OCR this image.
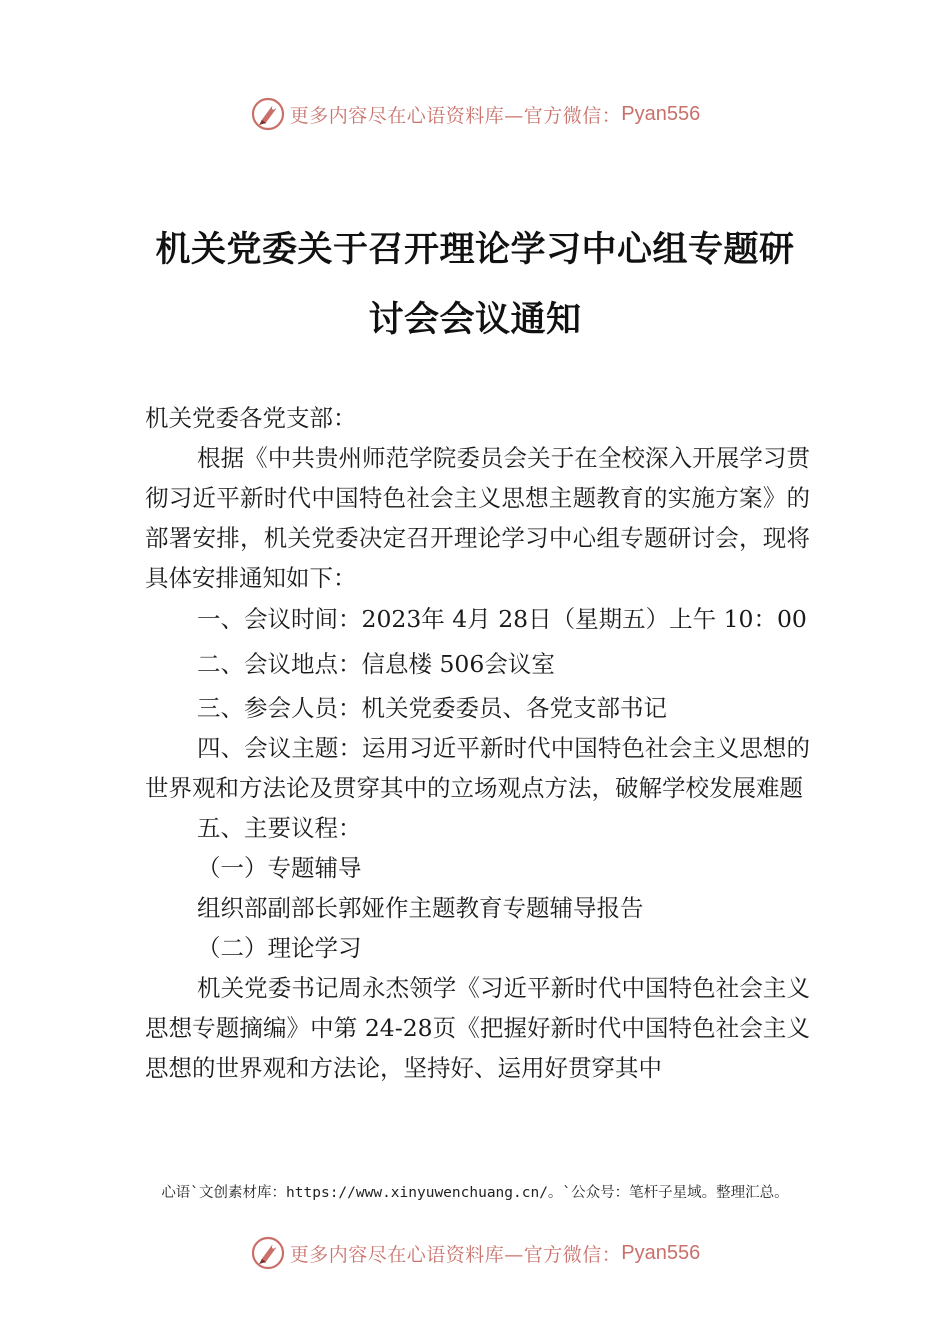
更多内容尽在心语资料库—官方微信： Pyan556
机关党委关于召开理论学习中心组专题研
讨会会议通知

机关党委各党支部：

根据《中共贵州师范学院委员会关于在全校深入开展学习贯彻习近平新时代中国特色社会主义思想主题教育的实施方案》的部署安排，机关党委决定召开理论学习中心组专题研讨会，现将具体安排通知如下：

一、会议时间：2023年 4月 28日（星期五）上午 10：00

二、会议地点：信息楼 506会议室

三、参会人员：机关党委委员、各党支部书记

四、会议主题：运用习近平新时代中国特色社会主义思想的世界观和方法论及贯穿其中的立场观点方法，破解学校发展难题

五、主要议程：

（一）专题辅导

组织部副部长郭娅作主题教育专题辅导报告

（二）理论学习

机关党委书记周永杰领学《习近平新时代中国特色社会主义思想专题摘编》中第 24-28页《把握好新时代中国特色社会主义思想的世界观和方法论，坚持好、运用好贯穿其中

心语`文创素材库：https://www.xinyuwenchuang.cn/。`公众号：笔杆子星域。整理汇总。
更多内容尽在心语资料库—官方微信： Pyan556
